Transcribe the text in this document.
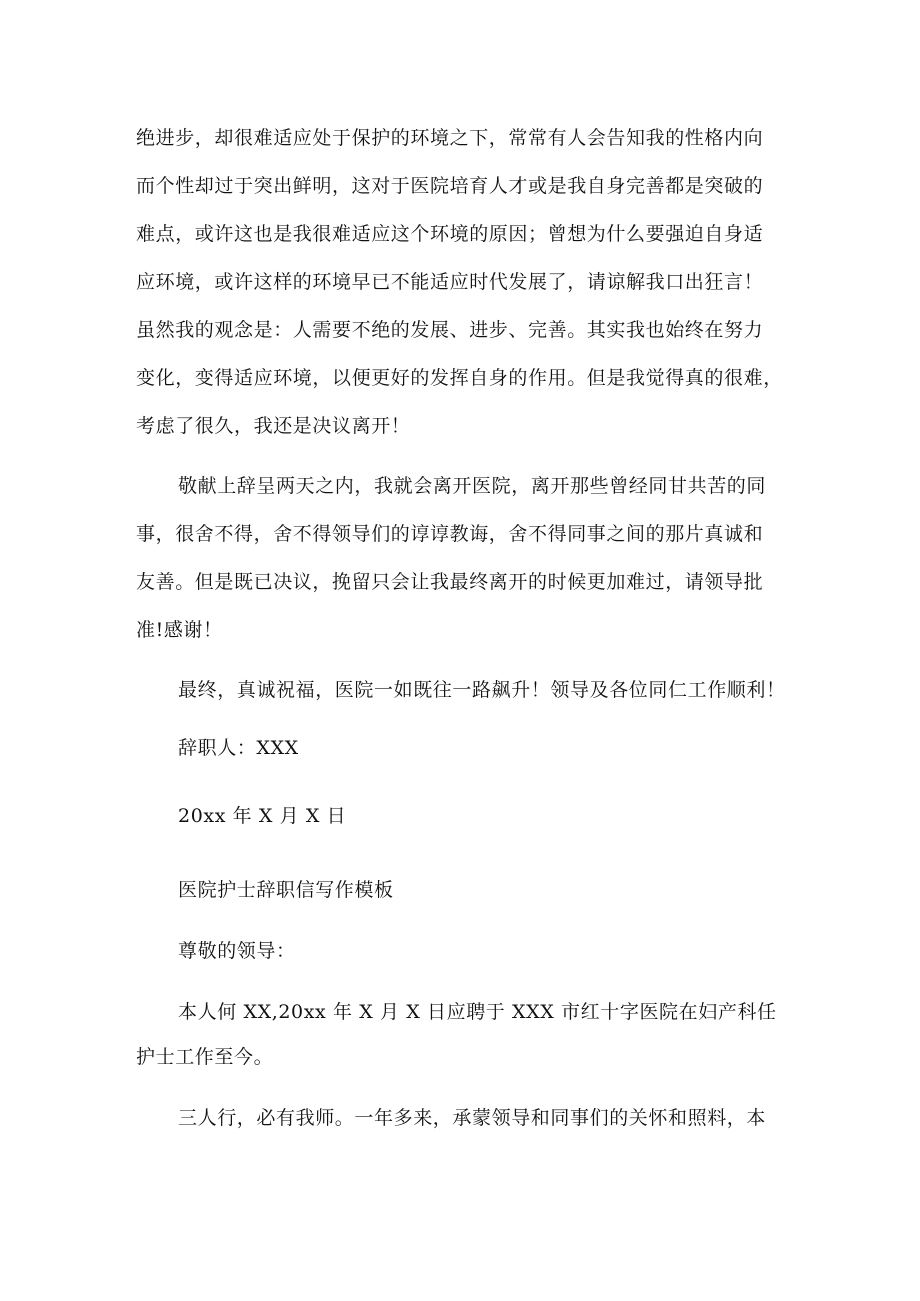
绝进步，却很难适应处于保护的环境之下，常常有人会告知我的性格内向
而个性却过于突出鲜明，这对于医院培育人才或是我自身完善都是突破的
难点，或许这也是我很难适应这个环境的原因；曾想为什么要强迫自身适
应环境，或许这样的环境早已不能适应时代发展了，请谅解我口出狂言！
虽然我的观念是：人需要不绝的发展、进步、完善。其实我也始终在努力
变化，变得适应环境，以便更好的发挥自身的作用。但是我觉得真的很难，
考虑了很久，我还是决议离开！
敬献上辞呈两天之内，我就会离开医院，离开那些曾经同甘共苦的同
事，很舍不得，舍不得领导们的谆谆教诲，舍不得同事之间的那片真诚和
友善。但是既已决议，挽留只会让我最终离开的时候更加难过，请领导批
准!感谢！
最终，真诚祝福，医院一如既往一路飙升！领导及各位同仁工作顺利！
辞职人：XXX
20xx 年 X 月 X 日
医院护士辞职信写作模板
尊敬的领导：
本人何 XX,20xx 年 X 月 X 日应聘于 XXX 市红十字医院在妇产科任
护士工作至今。
三人行，必有我师。一年多来，承蒙领导和同事们的关怀和照料，本
